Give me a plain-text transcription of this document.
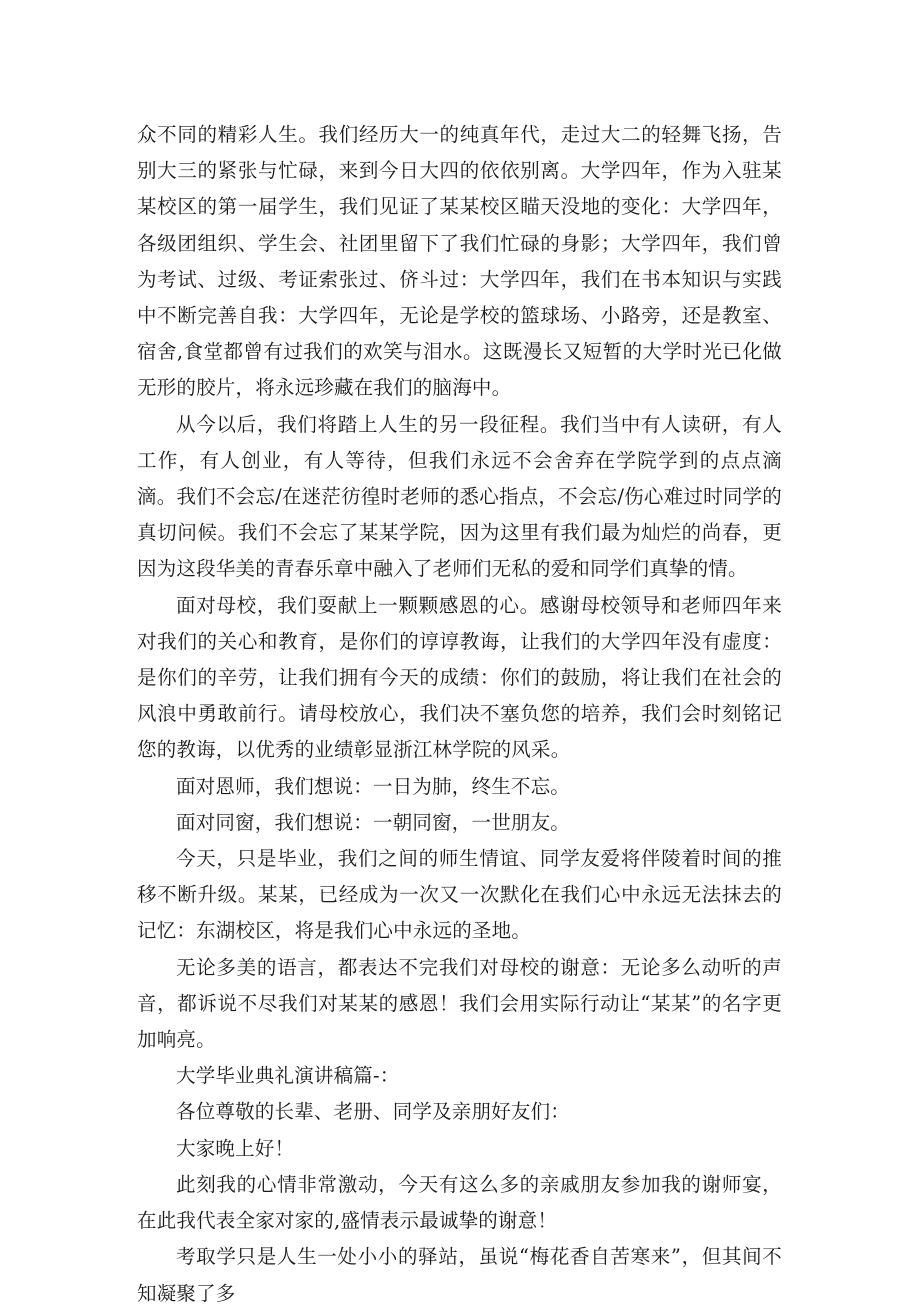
众不同的精彩人生。我们经历大一的纯真年代，走过大二的轻舞飞扬，告别大三的紧张与忙碌，来到今日大四的依依别离。大学四年，作为入驻某某校区的第一届学生，我们见证了某某校区瞄天没地的变化：大学四年，各级团组织、学生会、社团里留下了我们忙碌的身影；大学四年，我们曾为考试、过级、考证索张过、侪斗过：大学四年，我们在书本知识与实践中不断完善自我：大学四年，无论是学校的篮球场、小路旁，还是教室、宿舍,食堂都曾有过我们的欢笑与泪水。这既漫长又短暂的大学时光已化做无形的胶片，将永远珍藏在我们的脑海中。

从今以后，我们将踏上人生的另一段征程。我们当中有人读研，有人工作，有人创业，有人等待，但我们永远不会舍弃在学院学到的点点滴滴。我们不会忘/在迷茫彷徨时老师的悉心指点，不会忘/伤心难过时同学的真切问候。我们不会忘了某某学院，因为这里有我们最为灿烂的尚春，更因为这段华美的青春乐章中融入了老师们无私的爱和同学们真挚的情。

面对母校，我们耍献上一颗颗感恩的心。感谢母校领导和老师四年来对我们的关心和教育，是你们的谆谆教诲，让我们的大学四年没有虚度：是你们的辛劳，让我们拥有今天的成绩：你们的鼓励，将让我们在社会的风浪中勇敢前行。请母校放心，我们决不塞负您的培养，我们会时刻铭记您的教诲，以优秀的业绩彰显浙江林学院的风采。

面对恩师，我们想说：一日为肺，终生不忘。

面对同窗，我们想说：一朝同窗，一世朋友。

今天，只是毕业，我们之间的师生情谊、同学友爱将伴陵着时间的推移不断升级。某某，已经成为一次又一次默化在我们心中永远无法抹去的记忆：东湖校区，将是我们心中永远的圣地。

无论多美的语言，都表达不完我们对母校的谢意：无论多么动听的声音，都诉说不尽我们对某某的感恩！我们会用实际行动让“某某”的名字更加响亮。

大学毕业典礼演讲稿篇-：

各位尊敬的长辈、老册、同学及亲朋好友们：

大家晚上好！

此刻我的心情非常激动，今天有这么多的亲戚朋友参加我的谢师宴，在此我代表全家对家的,盛情表示最诚挚的谢意！

考取学只是人生一处小小的驿站，虽说“梅花香自苦寒来”，但其间不知凝聚了多
